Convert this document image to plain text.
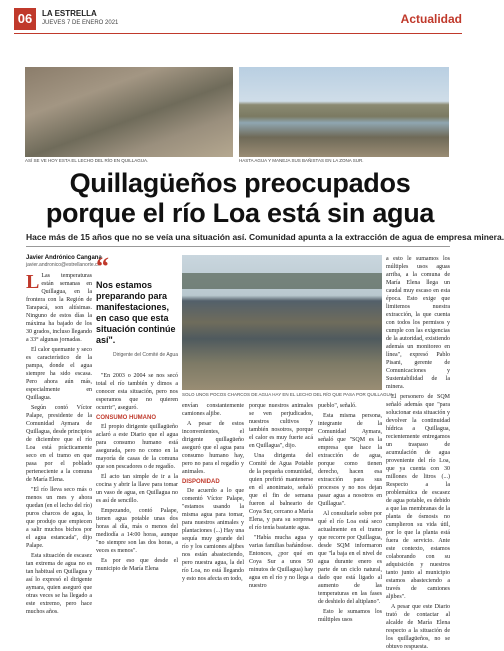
06	LA ESTRELLA
JUEVES 7 DE ENERO 2021	Actualidad
ASÍ SE VE HOY ESTA EL LECHO DEL RÍO EN QUILLAGUA.	HASTA AGUA Y MANEJA SUS BAÑISTAS EN LA ZONA SUR.
Quillagüeños preocupados porque el río Loa está sin agua
Hace más de 15 años que no se veía una situación así. Comunidad apunta a la extracción de agua de empresa minera.
Javier Andrónico Cangana
javier.andronico@estrellanorte.cl

L Las temperaturas están semanas en Quillagua, en la frontera con la Región de Tarapacá, son altísimas. Ninguno de estos días la máxima ha bajado de los 30 grados, incluso llegando a 33° algunas jornadas.

El calor quemante y seco es característico de la pampa, donde el agua siempre ha sido escasa. Pero ahora aún más, especialmente en Quillagua.

Según contó Víctor Palape, presidente de la Comunidad Aymara de Quillagua, desde principios de diciembre que el río Loa está prácticamente seco en el tramo en que pasa por el poblado perteneciente a la comuna de María Elena.

"El río lleva seco más o menos un mes y ahora quedan (en el lecho del río) puros charcos de agua, lo que produjo que empiecen a salir muchos bichos por el agua estancada", dijo Palape.

Esta situación de escasez tan extrema de agua no es tan habitual en Quillagua y así lo expresó el dirigente aymara, quien aseguró que otras veces se ha llegado a este extremo, pero hace muchos años.

“
Nos estamos preparando para manifestaciones, en caso que esta situación continúe así".
Dirigente del Comité de Agua

"En 2003 o 2004 se nos secó total el río también y dimos a conocer esta situación, pero nos esperamos que no quieren ocurrir", aseguró.

CONSUMO HUMANO

El propio dirigente quillagüeño aclaró a este Diario que el agua para consumo humano está asegurada, pero no como en la mayoría de casas de la comuna que son pescadores o de regadío.

El acto tan simple de ir a la cocina y abrir la llave para tomar un vaso de agua, en Quillagua no es así de sencillo.

Empezando, contó Palape, tienen agua potable unas dos horas al día, más o menos del mediodía a 14:00 horas, aunque "no siempre son las dos horas, a veces es menos".

Es por eso que desde el municipio de María Elena

SOLO UNOS POCOS CHARCOS DE AGUA HAY EN EL LECHO DEL RÍO QUE PASA POR QUILLAGUA.

envían constantemente camiones aljibe.

A pesar de estos inconvenientes, el dirigente quillagüeño aseguró que el agua para consumo humano hay, pero no para el regadío y animales.

DISPONIDAD

De acuerdo a lo que comentó Víctor Palape, "estamos usando la misma agua para tomar, para nuestros animales y plantaciones (...) Hay una sequía muy grande del río y los camiones aljibes nos están abasteciendo, pero nuestra agua, la del río Loa, no está llegando y esto nos afecta en todo,

porque nuestros animales se ven perjudicados, nuestros cultivos y también nosotros, porque el calor es muy fuerte acá en Quillagua", dijo.

Una dirigenta del Comité de Agua Potable de la pequeña comunidad, quien prefirió mantenerse en el anonimato, señaló que el fin de semana fueron al balneario de Coya Sur, cercano a María Elena, y para su sorpresa el río tenía bastante agua.

"Había mucha agua y varias familias bañándose. Entonces, ¿por qué en Coya Sur a unos 50 minutos de Quillagua) hay agua en el río y no llega a nuestro

pueblo", señaló.

Esta misma persona, integrante de la Comunidad Aymara, señaló que "SQM es la empresa que hace la extracción de agua, porque como tienen derecho, hacen esa extracción para sus procesos y no nos dejan pasar agua a nosotros en Quillagua".

Al consultarle sobre por qué el río Loa está seco actualmente en el tramo que recorre por Quillagua, desde SQM informaron que "la baja en el nivel de agua durante enero es parte de un ciclo natural, dado que está ligado al aumento de las temperaturas en las fases de deshielo del altiplano".

Esto le sumamos los múltiples usos

a esto le sumamos los múltiples usos aguas arriba, a la comuna de María Elena llega un caudal muy escaso en esta época. Esto exige que limitemos nuestra extracción, la que cuenta con todos los permisos y cumple con las exigencias de la autoridad, existiendo además un monitoreo en línea", expresó Pablo Pisani, gerente de Comunicaciones y Sustentabilidad de la minera.

El personero de SQM señaló además que "para solucionar esta situación y devolver la continuidad hídrica a Quillagua, recientemente entregamos un traspaso de acumulación de agua proveniente del río Loa, que ya cuenta con 30 millones de litros (...) Respecto a la problemática de escasez de agua potable, es debido a que las membranas de la planta de ósmosis no cumplieron su vida útil, por lo que la planta está fuera de servicio. Ante este contexto, estamos colaborando con su adquisición y nuestros tanto junto al municipio estamos abasteciendo a través de camiones aljibes".

A pesar que este Diario trató de contactar al alcalde de María Elena respecto a la situación de los quillagüeños, no se obtuvo respuesta.
